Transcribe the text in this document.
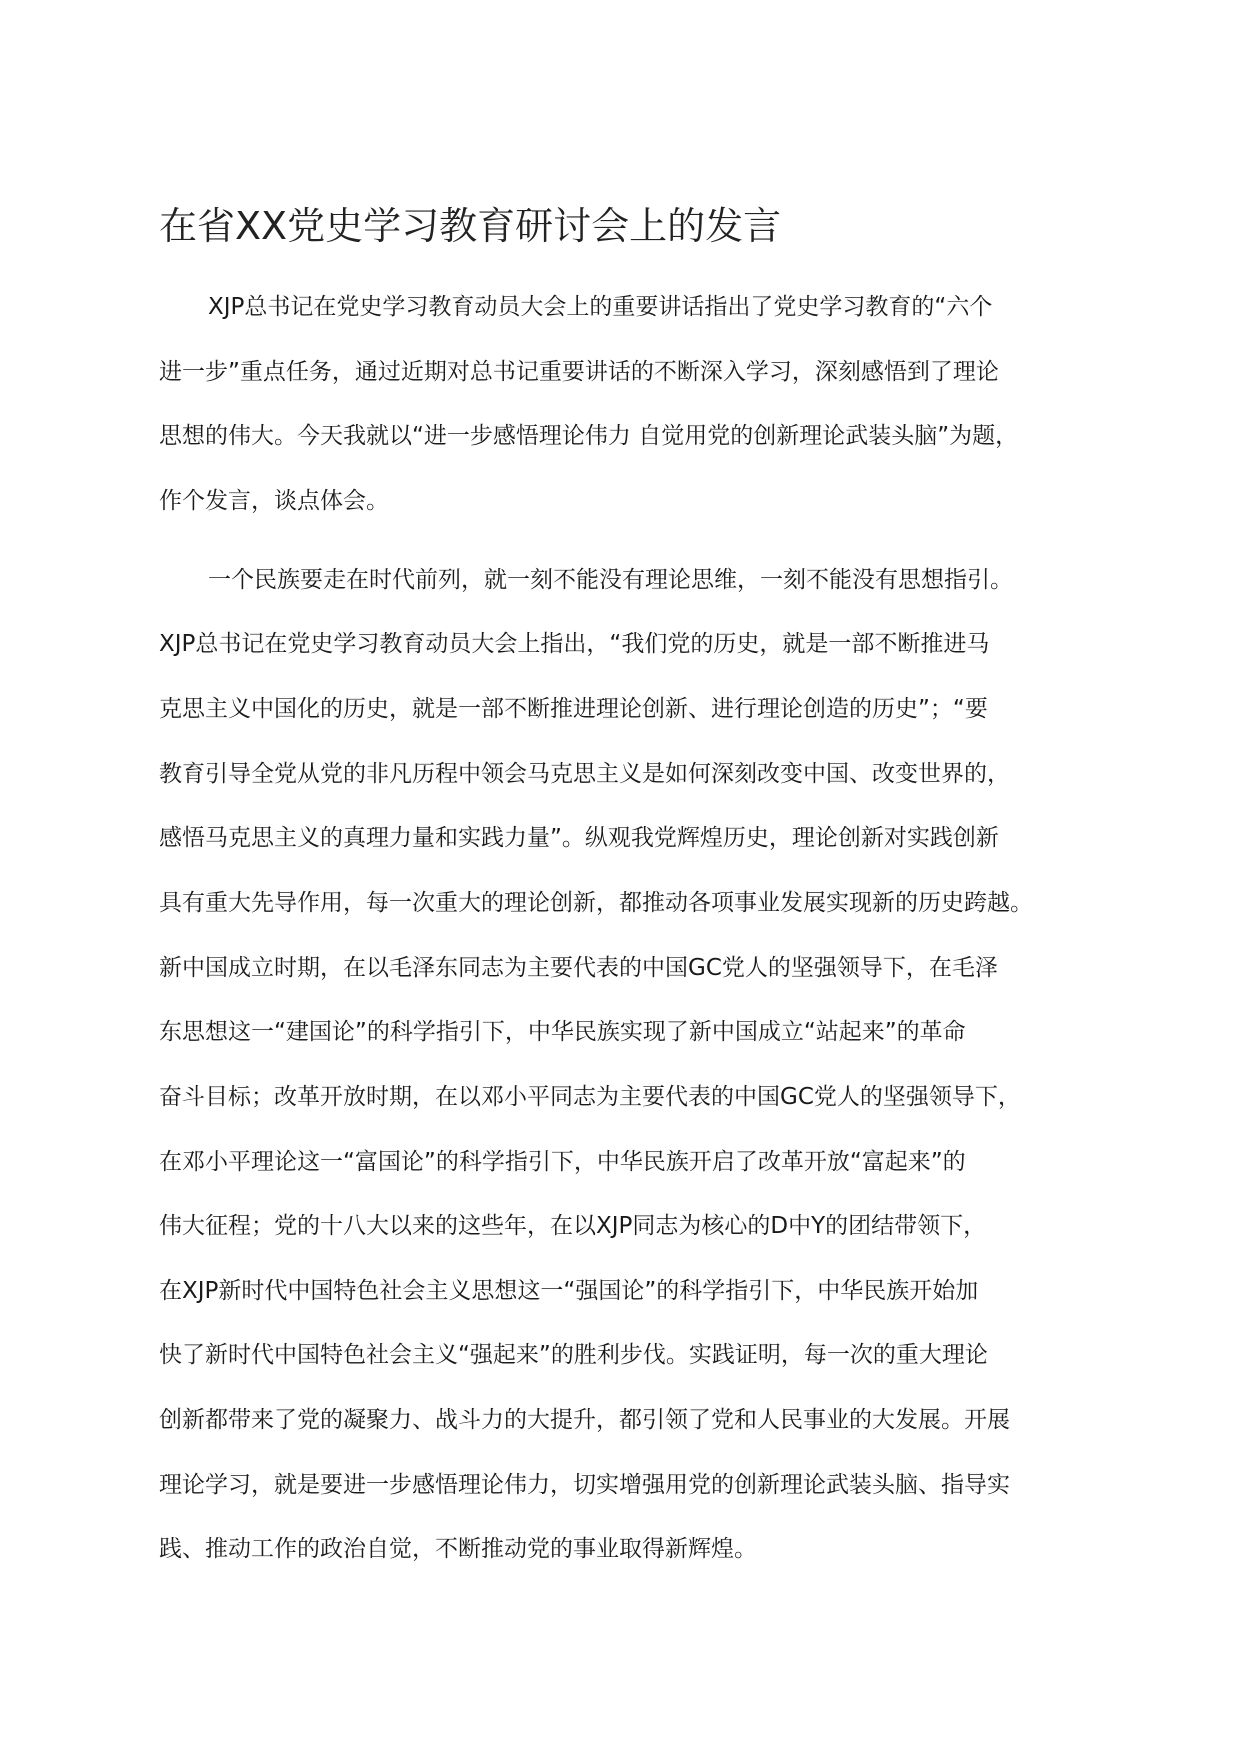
在省XX党史学习教育研讨会上的发言

XJP总书记在党史学习教育动员大会上的重要讲话指出了党史学习教育的“六个

进一步”重点任务，通过近期对总书记重要讲话的不断深入学习，深刻感悟到了理论

思想的伟大。今天我就以“进一步感悟理论伟力 自觉用党的创新理论武装头脑”为题，

作个发言，谈点体会。

一个民族要走在时代前列，就一刻不能没有理论思维，一刻不能没有思想指引。

XJP总书记在党史学习教育动员大会上指出，“我们党的历史，就是一部不断推进马

克思主义中国化的历史，就是一部不断推进理论创新、进行理论创造的历史”；“要

教育引导全党从党的非凡历程中领会马克思主义是如何深刻改变中国、改变世界的，

感悟马克思主义的真理力量和实践力量”。纵观我党辉煌历史，理论创新对实践创新

具有重大先导作用，每一次重大的理论创新，都推动各项事业发展实现新的历史跨越。

新中国成立时期，在以毛泽东同志为主要代表的中国GC党人的坚强领导下，在毛泽

东思想这一“建国论”的科学指引下，中华民族实现了新中国成立“站起来”的革命

奋斗目标；改革开放时期，在以邓小平同志为主要代表的中国GC党人的坚强领导下，

在邓小平理论这一“富国论”的科学指引下，中华民族开启了改革开放“富起来”的

伟大征程；党的十八大以来的这些年，在以XJP同志为核心的D中Y的团结带领下，

在XJP新时代中国特色社会主义思想这一“强国论”的科学指引下，中华民族开始加

快了新时代中国特色社会主义“强起来”的胜利步伐。实践证明，每一次的重大理论

创新都带来了党的凝聚力、战斗力的大提升，都引领了党和人民事业的大发展。开展

理论学习，就是要进一步感悟理论伟力，切实增强用党的创新理论武装头脑、指导实

践、推动工作的政治自觉，不断推动党的事业取得新辉煌。
